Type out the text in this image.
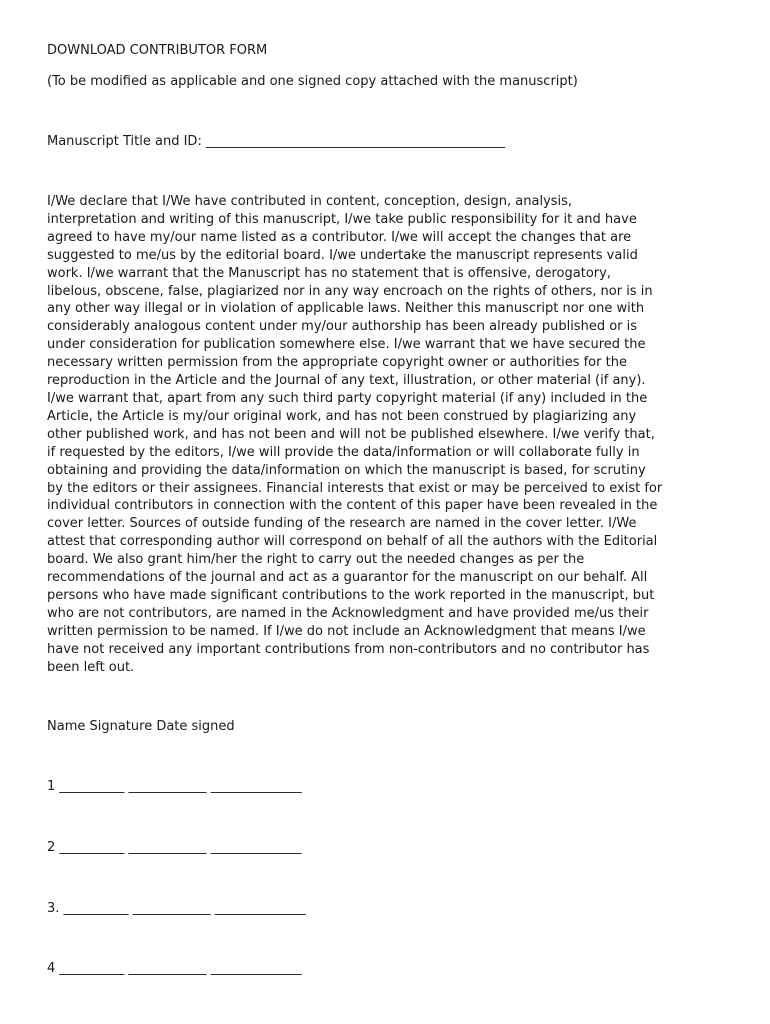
DOWNLOAD CONTRIBUTOR FORM

(To be modified as applicable and one signed copy attached with the manuscript)

Manuscript Title and ID: ______________________________________________

I/We declare that I/We have contributed in content, conception, design, analysis,
interpretation and writing of this manuscript, I/we take public responsibility for it and have
agreed to have my/our name listed as a contributor. I/we will accept the changes that are
suggested to me/us by the editorial board. I/we undertake the manuscript represents valid
work. I/we warrant that the Manuscript has no statement that is offensive, derogatory,
libelous, obscene, false, plagiarized nor in any way encroach on the rights of others, nor is in
any other way illegal or in violation of applicable laws. Neither this manuscript nor one with
considerably analogous content under my/our authorship has been already published or is
under consideration for publication somewhere else. I/we warrant that we have secured the
necessary written permission from the appropriate copyright owner or authorities for the
reproduction in the Article and the Journal of any text, illustration, or other material (if any).
I/we warrant that, apart from any such third party copyright material (if any) included in the
Article, the Article is my/our original work, and has not been construed by plagiarizing any
other published work, and has not been and will not be published elsewhere. I/we verify that,
if requested by the editors, I/we will provide the data/information or will collaborate fully in
obtaining and providing the data/information on which the manuscript is based, for scrutiny
by the editors or their assignees. Financial interests that exist or may be perceived to exist for
individual contributors in connection with the content of this paper have been revealed in the
cover letter. Sources of outside funding of the research are named in the cover letter. I/We
attest that corresponding author will correspond on behalf of all the authors with the Editorial
board. We also grant him/her the right to carry out the needed changes as per the
recommendations of the journal and act as a guarantor for the manuscript on our behalf. All
persons who have made significant contributions to the work reported in the manuscript, but
who are not contributors, are named in the Acknowledgment and have provided me/us their
written permission to be named. If I/we do not include an Acknowledgment that means I/we
have not received any important contributions from non-contributors and no contributor has
been left out.

Name Signature Date signed

1 __________ ____________ ______________

2 __________ ____________ ______________

3. __________ ____________ ______________

4 __________ ____________ ______________
